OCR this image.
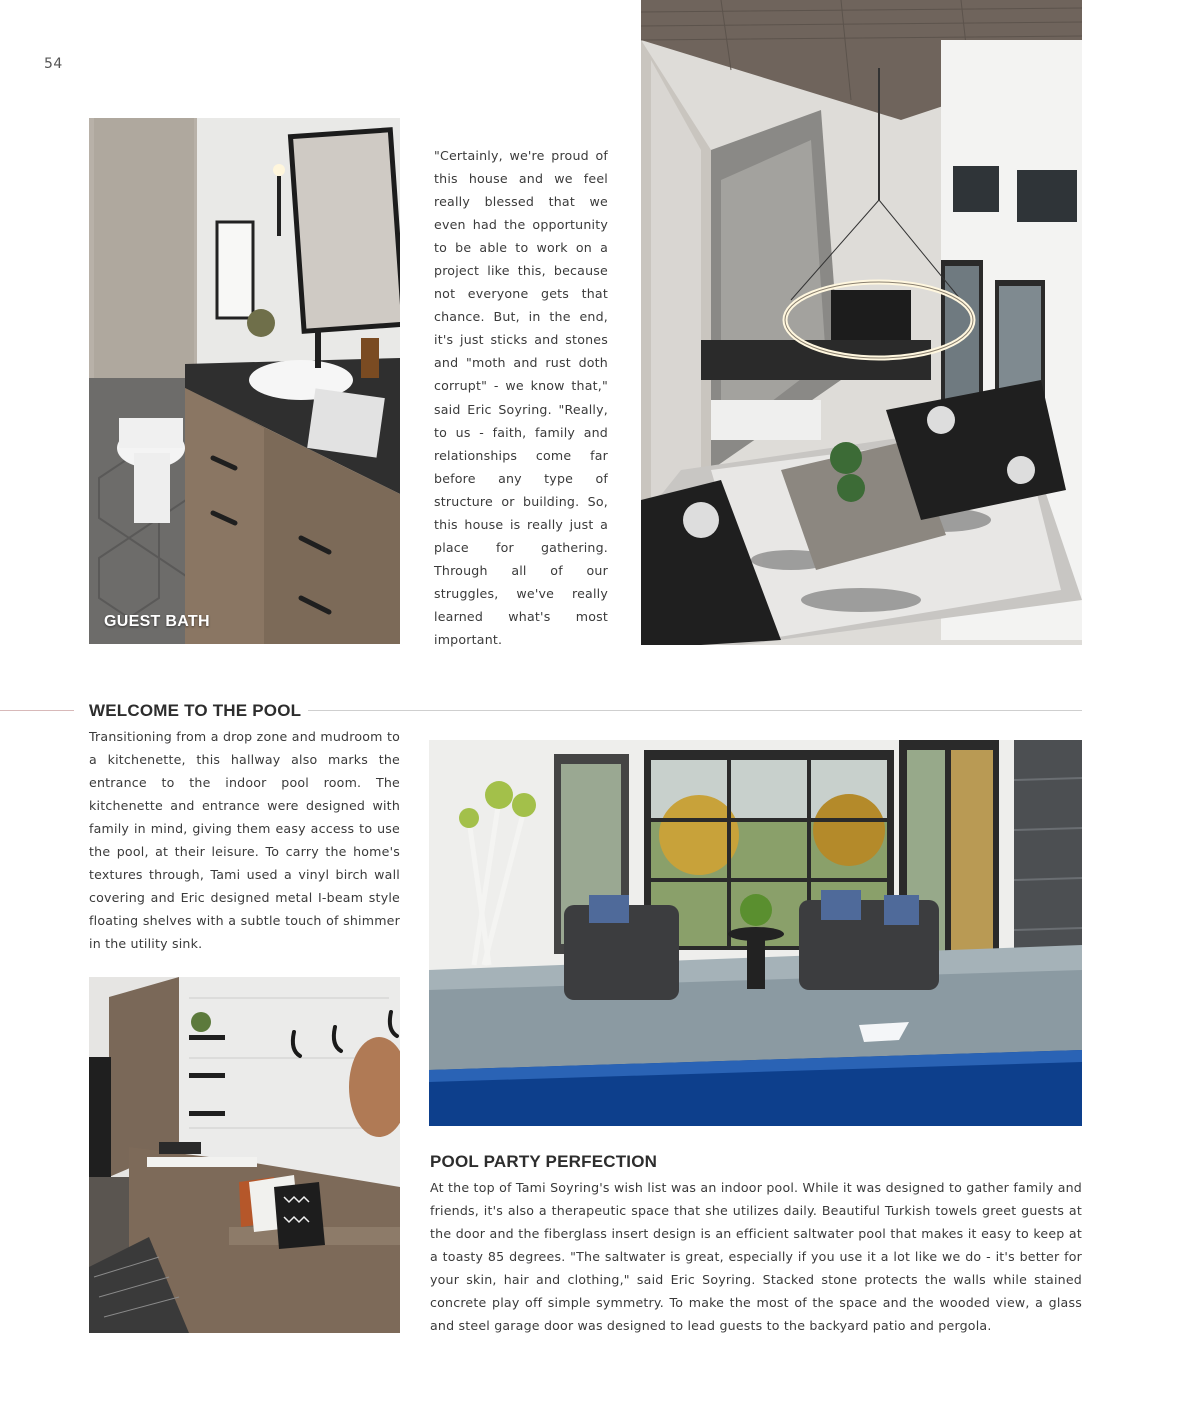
54
GUEST BATH
"Certainly, we're proud of this house and we feel really blessed that we even had the opportunity to be able to work on a project like this, because not everyone gets that chance. But, in the end, it's just sticks and stones and "moth and rust doth corrupt" - we know that," said Eric Soyring. "Really, to us - faith, family and relationships come far before any type of structure or building. So, this house is really just a place for gathering. Through all of our struggles, we've really learned what's most important.
WELCOME TO THE POOL
Transitioning from a drop zone and mudroom to a kitchenette, this hallway also marks the entrance to the indoor pool room. The kitchenette and entrance were designed with family in mind, giving them easy access to use the pool, at their leisure. To carry the home's textures through, Tami used a vinyl birch wall covering and Eric designed metal I-beam style floating shelves with a subtle touch of shimmer in the utility sink.
POOL PARTY PERFECTION
At the top of Tami Soyring's wish list was an indoor pool. While it was designed to gather family and friends, it's also a therapeutic space that she utilizes daily. Beautiful Turkish towels greet guests at the door and the fiberglass insert design is an efficient saltwater pool that makes it easy to keep at a toasty 85 degrees. "The saltwater is great, especially if you use it a lot like we do - it's better for your skin, hair and clothing," said Eric Soyring. Stacked stone protects the walls while stained concrete play off simple symmetry. To make the most of the space and the wooded view, a glass and steel garage door was designed to lead guests to the backyard patio and pergola.
